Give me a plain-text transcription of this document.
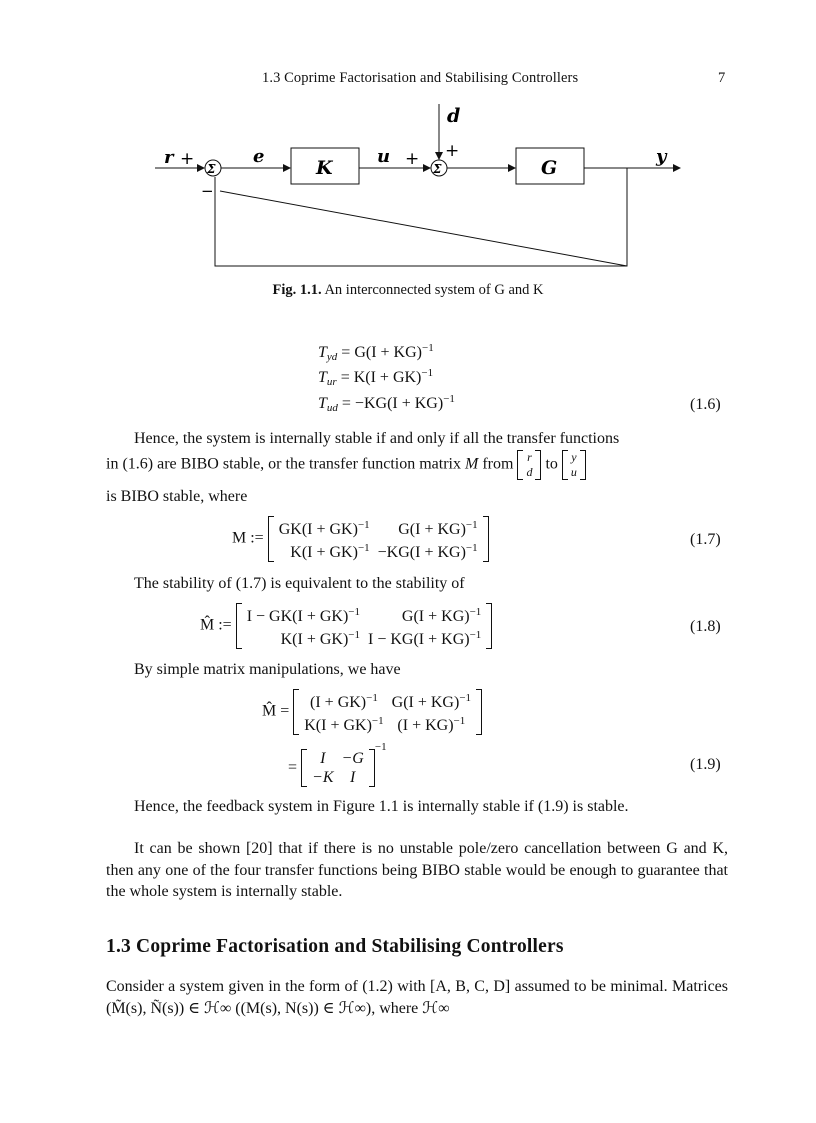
1.3 Coprime Factorisation and Stabilising Controllers	7
Σ	K	Σ	G
r +
−
e	u + +
d
y
Fig. 1.1. An interconnected system of G and K
$T_{yd} = G(I + KG)^{-1}$
$T_{ur} = K(I + GK)^{-1}$
$T_{ud} = -KG(I + KG)^{-1}$	(1.6)
Hence, the system is internally stable if and only if all the transfer functions
in (1.6) are BIBO stable, or the transfer function matrix M from r
d to y
u
is BIBO stable, where
M :=
GK(I + GK)$^{-1}$	G(I + KG)$^{-1}$
K(I + GK)$^{-1}$	−KG(I + KG)$^{-1}$	(1.7)
The stability of (1.7) is equivalent to the stability of
M̂ :=
I − GK(I + GK)$^{-1}$	G(I + KG)$^{-1}$
K(I + GK)$^{-1}$	I − KG(I + KG)$^{-1}$	(1.8)
By simple matrix manipulations, we have
M̂ =
(I + GK)$^{-1}$	G(I + KG)$^{-1}$
K(I + GK)$^{-1}$	(I + KG)$^{-1}$
=
I	−G
−K	I
$^{-1}$
(1.9)
Hence, the feedback system in Figure 1.1 is internally stable if (1.9) is stable.
It can be shown [20] that if there is no unstable pole/zero cancellation between G and K, then any one of the four transfer functions being BIBO stable would be enough to guarantee that the whole system is internally stable.
1.3 Coprime Factorisation and Stabilising Controllers
Consider a system given in the form of (1.2) with [A, B, C, D] assumed to be minimal. Matrices (M̃(s), Ñ(s)) ∈ ℋ∞ ((M(s), N(s)) ∈ ℋ∞), where ℋ∞
